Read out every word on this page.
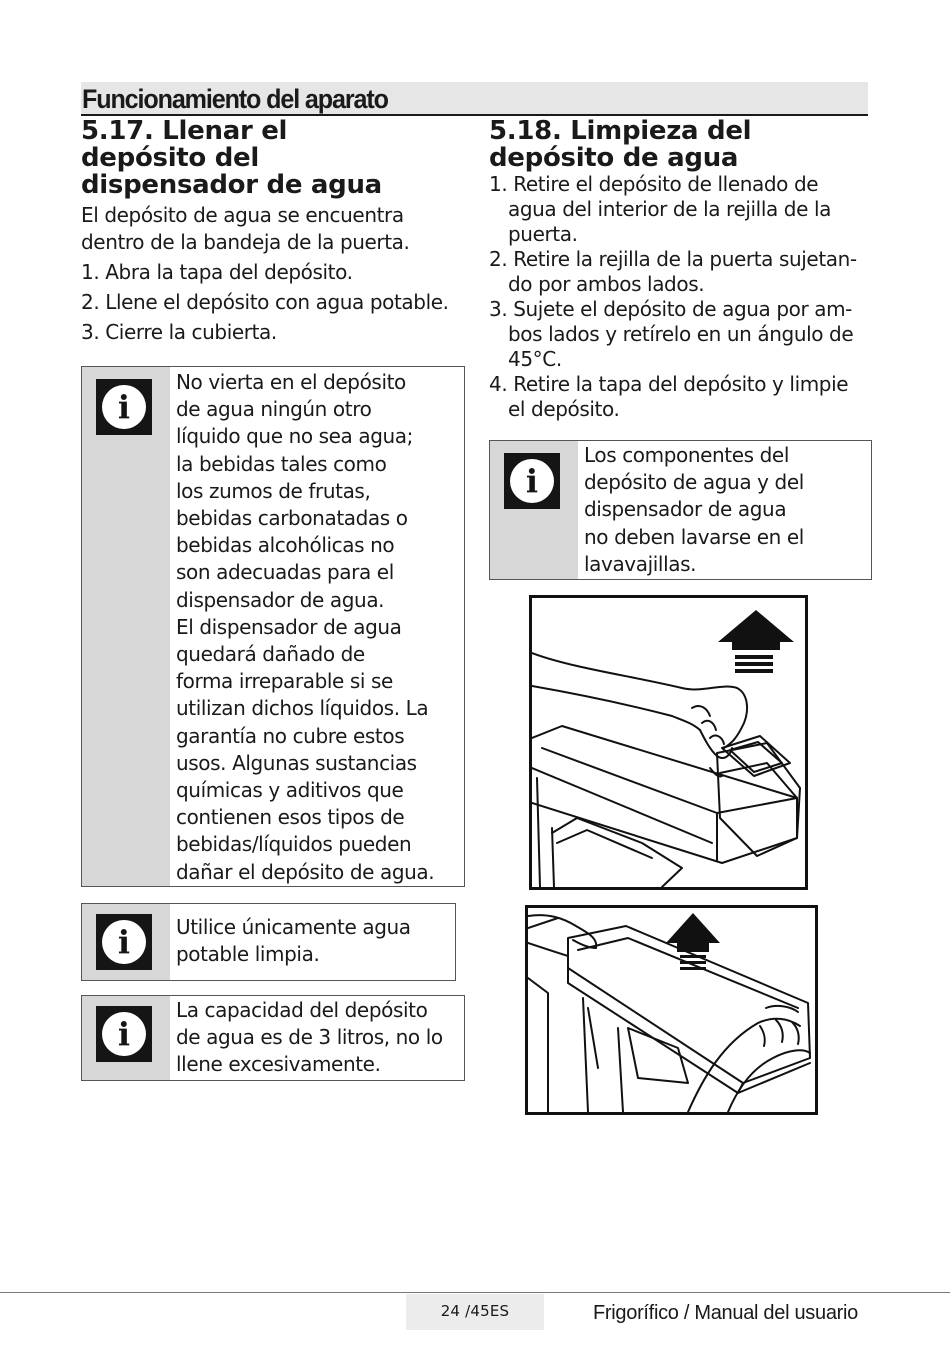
Funcionamiento del aparato
5.17. Llenar el
depósito del
dispensador de agua

El depósito de agua se encuentra dentro de la bandeja de la puerta.

1. Abra la tapa del depósito.
2. Llene el depósito con agua potable.
3. Cierre la cubierta.
i
No vierta en el depósito
de agua ningún otro
líquido que no sea agua;
la bebidas tales como
los zumos de frutas,
bebidas carbonatadas o
bebidas alcohólicas no
son adecuadas para el
dispensador de agua.
El dispensador de agua
quedará dañado de
forma irreparable si se
utilizan dichos líquidos. La
garantía no cubre estos
usos. Algunas sustancias
químicas y aditivos que
contienen esos tipos de
bebidas/líquidos pueden
dañar el depósito de agua.
i Utilice únicamente agua
potable limpia.
i
La capacidad del depósito
de agua es de 3 litros, no lo
llene excesivamente.
5.18. Limpieza del
depósito de agua
1. Retire el depósito de llenado de
agua del interior de la rejilla de la
puerta.
2. Retire la rejilla de la puerta sujetan-
do por ambos lados.
3. Sujete el depósito de agua por am-
bos lados y retírelo en un ángulo de
45°C.
4. Retire la tapa del depósito y limpie
el depósito.
i
Los componentes del
depósito de agua y del
dispensador de agua
no deben lavarse en el
lavavajillas.
24 /45ES	Frigorífico / Manual del usuario
